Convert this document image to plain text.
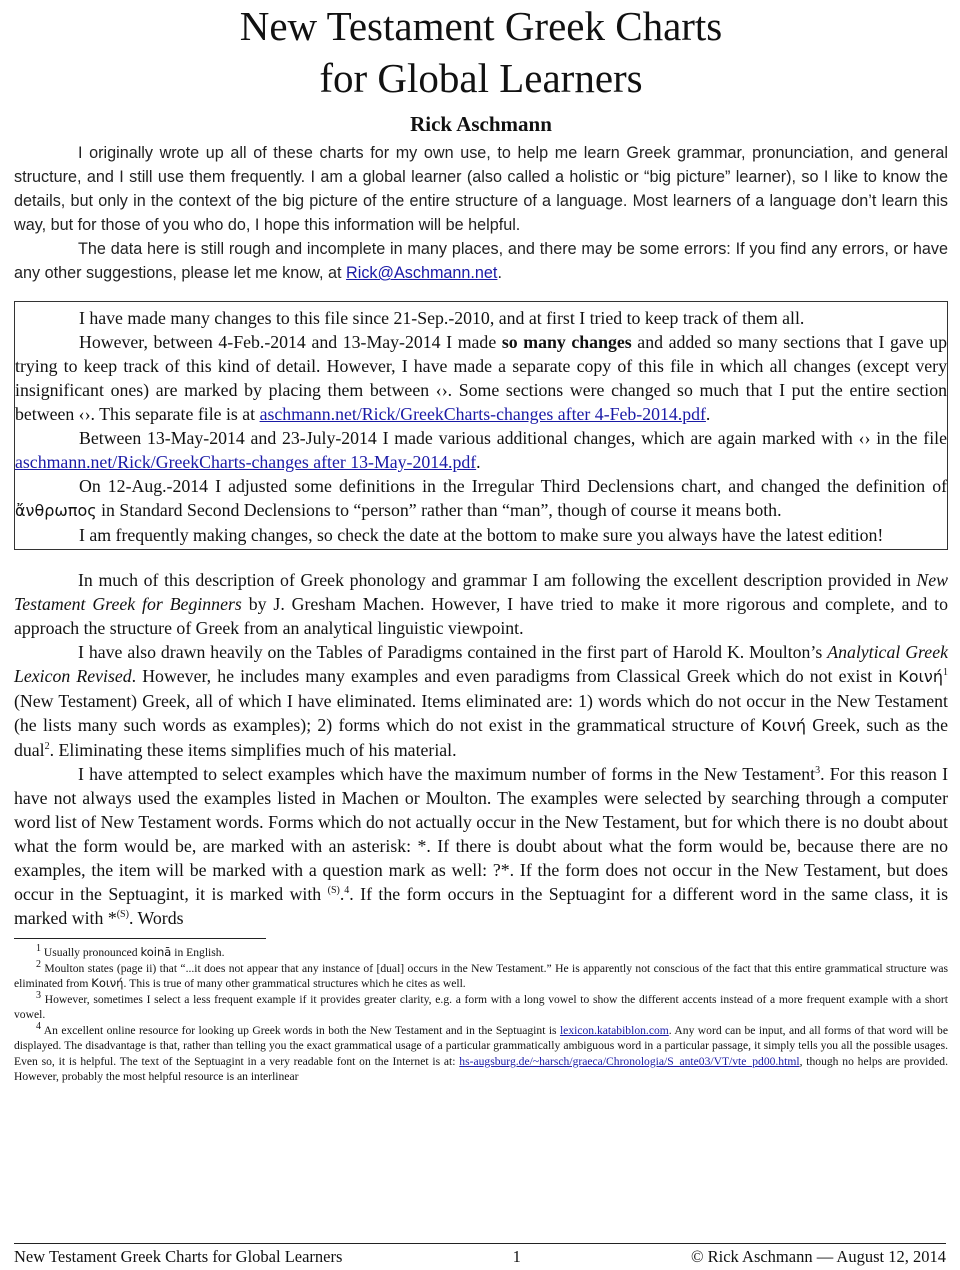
New Testament Greek Charts
for Global Learners
Rick Aschmann

I originally wrote up all of these charts for my own use, to help me learn Greek grammar, pronunciation, and general structure, and I still use them frequently. I am a global learner (also called a holistic or “big picture” learner), so I like to know the details, but only in the context of the big picture of the entire structure of a language. Most learners of a language don’t learn this way, but for those of you who do, I hope this information will be helpful.

The data here is still rough and incomplete in many places, and there may be some errors: If you find any errors, or have any other suggestions, please let me know, at Rick@Aschmann.net.

I have made many changes to this file since 21-Sep.-2010, and at first I tried to keep track of them all.

However, between 4-Feb.-2014 and 13-May-2014 I made so many changes and added so many sections that I gave up trying to keep track of this kind of detail. However, I have made a separate copy of this file in which all changes (except very insignificant ones) are marked by placing them between ‹›. Some sections were changed so much that I put the entire section between ‹›. This separate file is at aschmann.net/Rick/GreekCharts-changes after 4-Feb-2014.pdf.

Between 13-May-2014 and 23-July-2014 I made various additional changes, which are again marked with ‹› in the file aschmann.net/Rick/GreekCharts-changes after 13-May-2014.pdf.

On 12-Aug.-2014 I adjusted some definitions in the Irregular Third Declensions chart, and changed the definition of ἄνθρωπος in Standard Second Declensions to “person” rather than “man”, though of course it means both.

I am frequently making changes, so check the date at the bottom to make sure you always have the latest edition!

In much of this description of Greek phonology and grammar I am following the excellent description provided in New Testament Greek for Beginners by J. Gresham Machen. However, I have tried to make it more rigorous and complete, and to approach the structure of Greek from an analytical linguistic viewpoint.

I have also drawn heavily on the Tables of Paradigms contained in the first part of Harold K. Moulton’s Analytical Greek Lexicon Revised. However, he includes many examples and even paradigms from Classical Greek which do not exist in Κοινή$^1$ (New Testament) Greek, all of which I have eliminated. Items eliminated are: 1) words which do not occur in the New Testament (he lists many such words as examples); 2) forms which do not exist in the grammatical structure of Κοινή Greek, such as the dual$^2$. Eliminating these items simplifies much of his material.

I have attempted to select examples which have the maximum number of forms in the New Testament$^3$. For this reason I have not always used the examples listed in Machen or Moulton. The examples were selected by searching through a computer word list of New Testament words. Forms which do not actually occur in the New Testament, but for which there is no doubt about what the form would be, are marked with an asterisk: *. If there is doubt about what the form would be, because there are no examples, the item will be marked with a question mark as well: ?*. If the form does not occur in the New Testament, but does occur in the Septuagint, it is marked with $^{(S)}$.$^4$. If the form occurs in the Septuagint for a different word in the same class, it is marked with *$^{(S)}$. Words

$^1$ Usually pronounced koinā in English.

$^2$ Moulton states (page ii) that “...it does not appear that any instance of [dual] occurs in the New Testament.” He is apparently not conscious of the fact that this entire grammatical structure was eliminated from Κοινή. This is true of many other grammatical structures which he cites as well.

$^3$ However, sometimes I select a less frequent example if it provides greater clarity, e.g. a form with a long vowel to show the different accents instead of a more frequent example with a short vowel.

$^4$ An excellent online resource for looking up Greek words in both the New Testament and in the Septuagint is lexicon.katabiblon.com. Any word can be input, and all forms of that word will be displayed. The disadvantage is that, rather than telling you the exact grammatical usage of a particular grammatically ambiguous word in a particular passage, it simply tells you all the possible usages. Even so, it is helpful. The text of the Septuagint in a very readable font on the Internet is at: hs-augsburg.de/~harsch/graeca/Chronologia/S_ante03/VT/vte_pd00.html, though no helps are provided. However, probably the most helpful resource is an interlinear

New Testament Greek Charts for Global Learners	1	© Rick Aschmann — August 12, 2014
